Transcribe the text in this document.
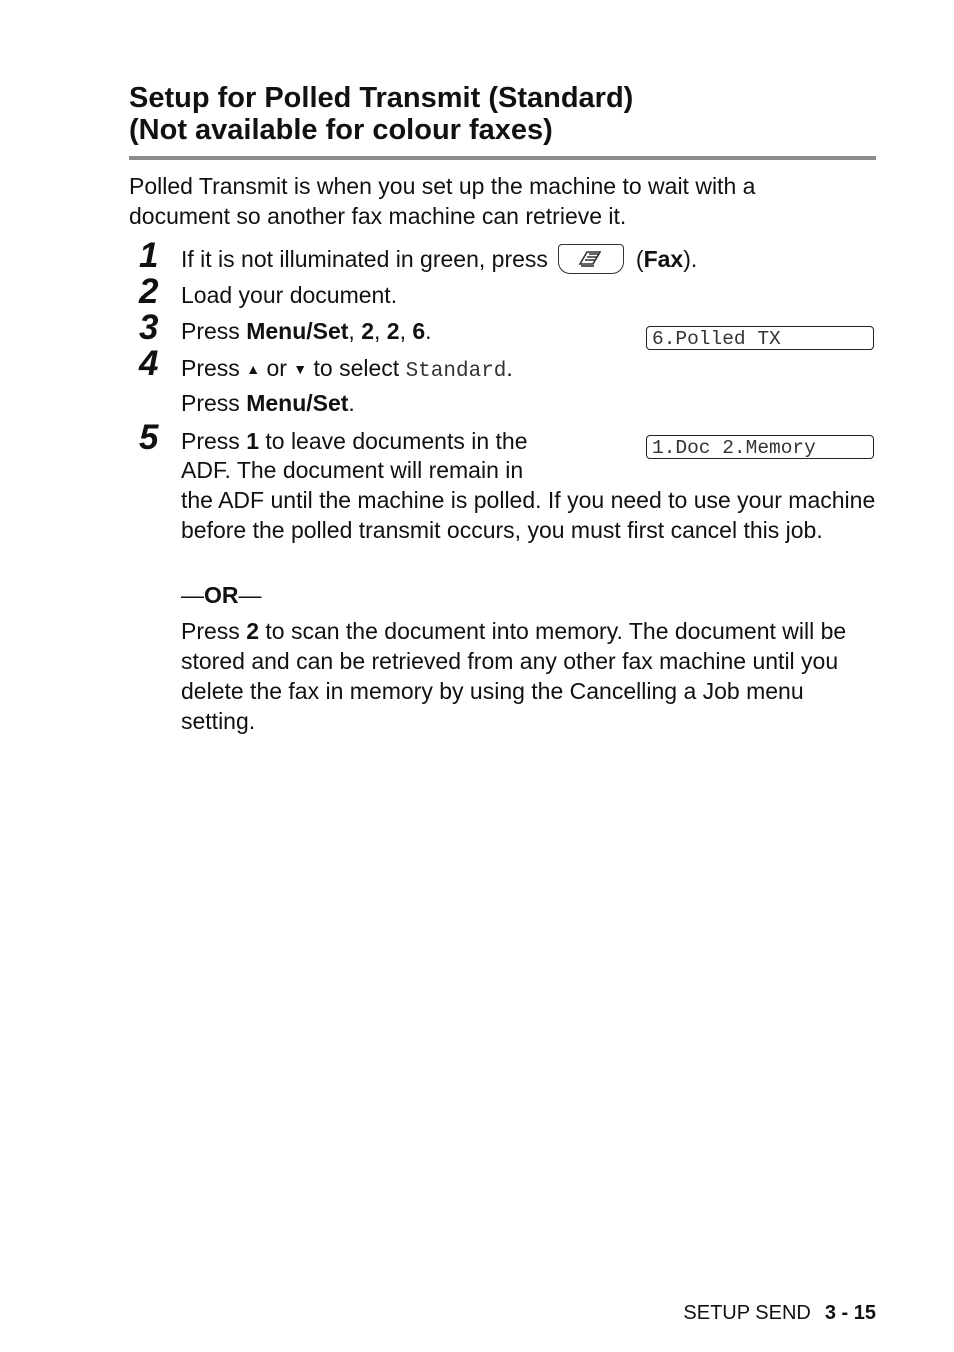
Setup for Polled Transmit (Standard)
(Not available for colour faxes)

Polled Transmit is when you set up the machine to wait with a document so another fax machine can retrieve it.

1 If it is not illuminated in green, press	(Fax).
2 Load your document.
3 Press Menu/Set, 2, 2, 6.	6.Polled TX
4 Press ▲ or ▼ to select Standard.
Press Menu/Set.
5 Press 1 to leave documents in the	1.Doc 2.Memory
ADF. The document will remain in

the ADF until the machine is polled. If you need to use your machine before the polled transmit occurs, you must first cancel this job.

—OR—

Press 2 to scan the document into memory. The document will be stored and can be retrieved from any other fax machine until you delete the fax in memory by using the Cancelling a Job menu setting.

SETUP SEND 3 - 15
